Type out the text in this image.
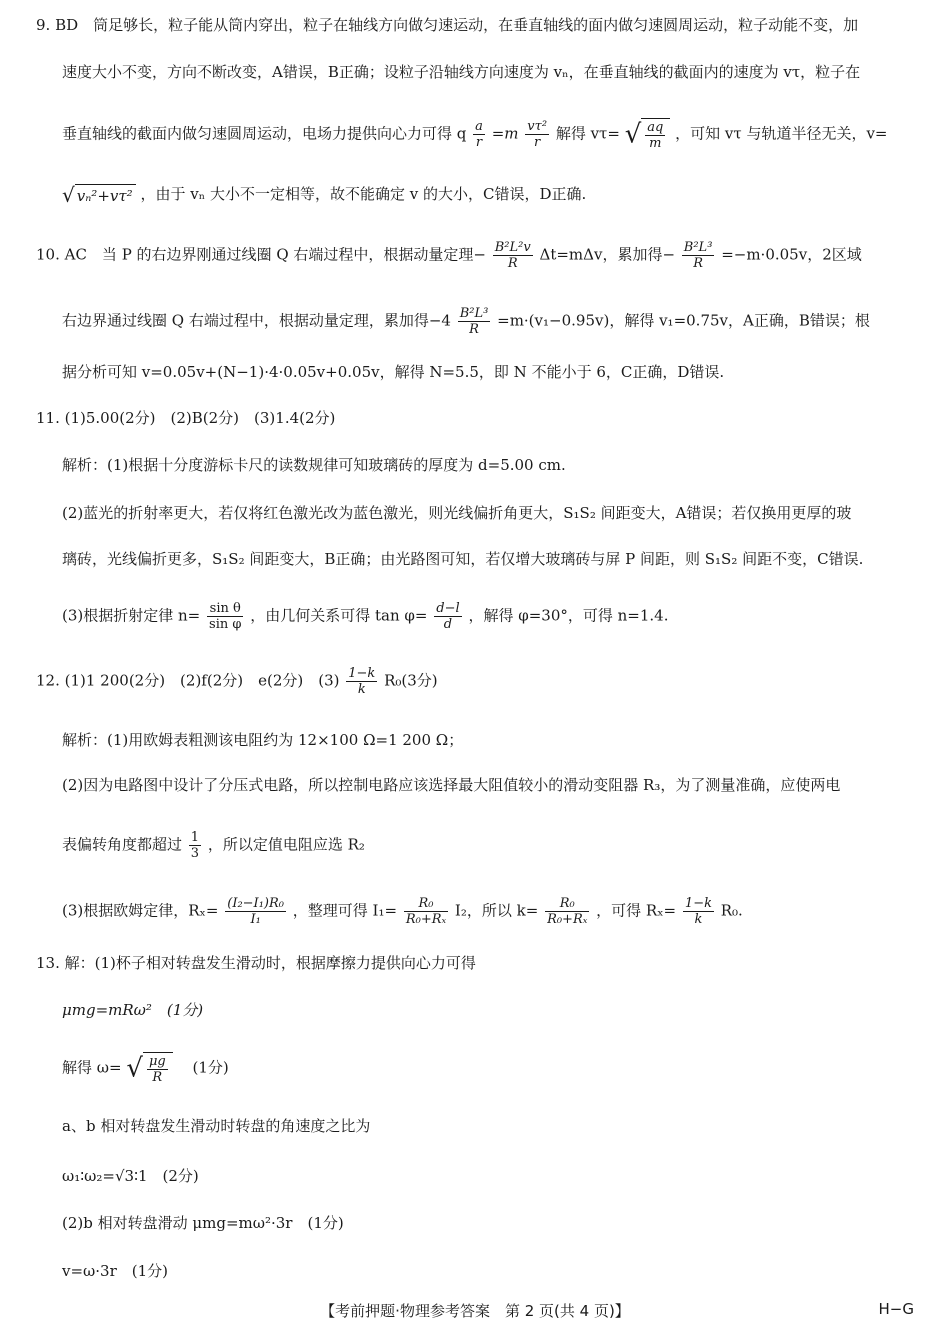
9. BD　筒足够长，粒子能从筒内穿出，粒子在轴线方向做匀速运动，在垂直轴线的面内做匀速圆周运动，粒子动能不变，加
速度大小不变，方向不断改变，A错误，B正确；设粒子沿轴线方向速度为 vₙ，在垂直轴线的截面内的速度为 vτ，粒子在
垂直轴线的截面内做匀速圆周运动，电场力提供向心力可得 q $\frac{a}{r} =m \frac{\text{vτ²}}{r}$ 解得 vτ= √ $\frac{aq}{m}$ ，可知 vτ 与轨道半径无关，v=
√ vₙ²+vτ² ，由于 vₙ 大小不一定相等，故不能确定 v 的大小，C错误，D正确.
10. AC　当 P 的右边界刚通过线圈 Q 右端过程中，根据动量定理− $\frac{\text{B²L²v}}{R} \Delta t=m\Delta v$，累加得− $\frac{\text{B²L³}}{R} =-m\cdot 0.05v$，2区域
右边界通过线圈 Q 右端过程中，根据动量定理，累加得$-4 \frac{\text{B²L³}}{R} =m\cdot(v_1-0.95v)$，解得 v₁=0.75v，A正确，B错误；根
据分析可知 v=0.05v+(N−1)·4·0.05v+0.05v，解得 N=5.5，即 N 不能小于 6，C正确，D错误.
11. (1)5.00(2分)　(2)B(2分)　(3)1.4(2分)
解析：(1)根据十分度游标卡尺的读数规律可知玻璃砖的厚度为 d=5.00 cm.
(2)蓝光的折射率更大，若仅将红色激光改为蓝色激光，则光线偏折角更大，S₁S₂ 间距变大，A错误；若仅换用更厚的玻
璃砖，光线偏折更多，S₁S₂ 间距变大，B正确；由光路图可知，若仅增大玻璃砖与屏 P 间距，则 S₁S₂ 间距不变，C错误.
(3)根据折射定律 $n= \frac{\text{sin θ}}{\text{sin φ}}$ ，由几何关系可得 $\tan \varphi= \frac{d-l}{d}$ ，解得 φ=30°，可得 n=1.4.
12. (1)1 200(2分)　(2)f(2分)　e(2分)　$(3) \frac{1-k}{k} R_0(3$分)
解析：(1)用欧姆表粗测该电阻约为 12×100 Ω=1 200 Ω；
(2)因为电路图中设计了分压式电路，所以控制电路应该选择最大阻值较小的滑动变阻器 R₃，为了测量准确，应使两电
表偏转角度都超过 $\frac{1}{3}$ ，所以定值电阻应选 R₂
(3)根据欧姆定律，$R_x= \frac{\text{(I₂−I₁)R₀}}{\text{I₁}}$ ，整理可得 $I_1= \frac{\text{R₀}}{\text{R₀+Rₓ}} I_2$，所以 $k= \frac{\text{R₀}}{\text{R₀+Rₓ}}$ ，可得 $R_x= \frac{1-k}{k} R_0$.
13. 解：(1)杯子相对转盘发生滑动时，根据摩擦力提供向心力可得
μmg=mRω²　(1分)
解得 ω= √ $\frac{\mu g}{R}$ 　(1分)
a、b 相对转盘发生滑动时转盘的角速度之比为
ω₁∶ω₂=√3∶1　(2分)
(2)b 相对转盘滑动 μmg=mω²·3r　(1分)
v=ω·3r　(1分)
【考前押题·物理参考答案　第 2 页(共 4 页)】	H−G
